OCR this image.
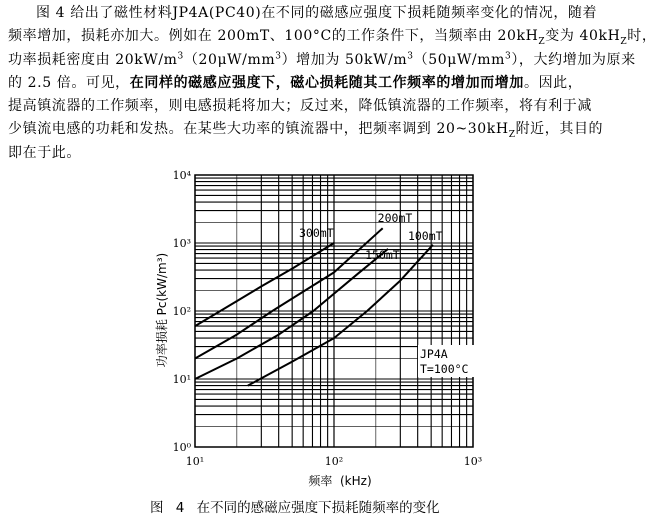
图 4 给出了磁性材料JP4A(PC40)在不同的磁感应强度下损耗随频率变化的情况，随着
频率增加，损耗亦加大。例如在 200mT、100°C的工作条件下，当频率由 $20kH_Z$变为 $40kH_Z$时，
功率损耗密度由 $20kW/m^3(20\mu W/mm^3)$增加为 $50kW/m^3(50\mu W/mm^3)$，大约增加为原来
的 2.5 倍。可见，在同样的磁感应强度下，磁心损耗随其工作频率的增加而增加。因此，
提高镇流器的工作频率，则电感损耗将加大；反过来，降低镇流器的工作频率，将有利于减
少镇流电感的功耗和发热。在某些大功率的镇流器中，把频率调到 $20\sim 30kH_Z$附近，其目的
即在于此。
300mT
200mT
150mT
100mT
10¹	10²	10³
10⁰
10¹
10²
10³
10⁴
JP4A
T=100°C
频率  (kHz)
功率损耗 Pc(kW/m³)
图 4 在不同的感磁应强度下损耗随频率的变化
